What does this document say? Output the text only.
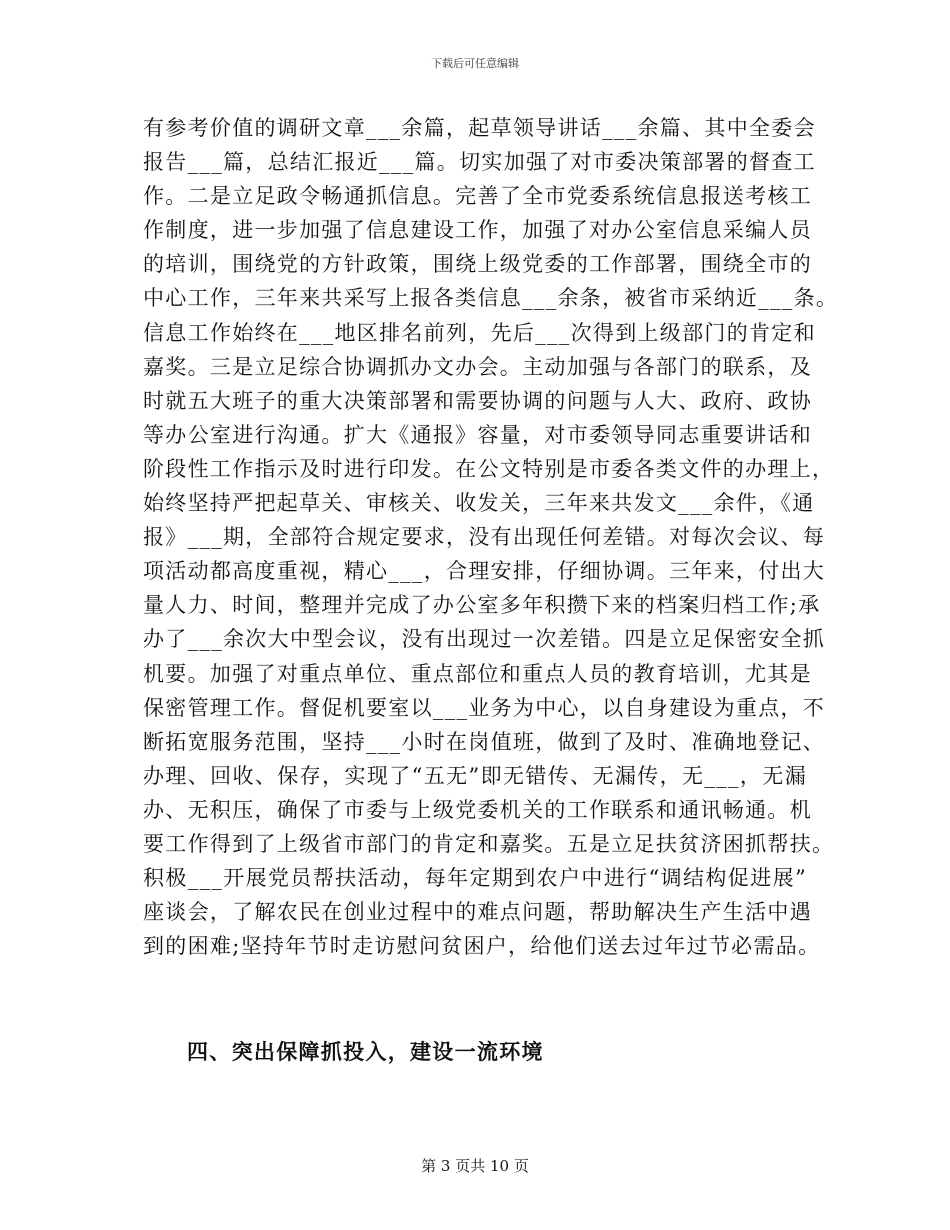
下载后可任意编辑
有参考价值的调研文章___余篇，起草领导讲话___余篇、其中全委会
报告___篇，总结汇报近___篇。切实加强了对市委决策部署的督查工
作。二是立足政令畅通抓信息。完善了全市党委系统信息报送考核工
作制度，进一步加强了信息建设工作，加强了对办公室信息采编人员
的培训，围绕党的方针政策，围绕上级党委的工作部署，围绕全市的
中心工作，三年来共采写上报各类信息___余条，被省市采纳近___条。
信息工作始终在___地区排名前列，先后___次得到上级部门的肯定和
嘉奖。三是立足综合协调抓办文办会。主动加强与各部门的联系，及
时就五大班子的重大决策部署和需要协调的问题与人大、政府、政协
等办公室进行沟通。扩大《通报》容量，对市委领导同志重要讲话和
阶段性工作指示及时进行印发。在公文特别是市委各类文件的办理上，
始终坚持严把起草关、审核关、收发关，三年来共发文___余件，《通
报》___期，全部符合规定要求，没有出现任何差错。对每次会议、每
项活动都高度重视，精心___，合理安排，仔细协调。三年来，付出大
量人力、时间，整理并完成了办公室多年积攒下来的档案归档工作;承
办了___余次大中型会议，没有出现过一次差错。四是立足保密安全抓
机要。加强了对重点单位、重点部位和重点人员的教育培训，尤其是
保密管理工作。督促机要室以___业务为中心，以自身建设为重点，不
断拓宽服务范围，坚持___小时在岗值班，做到了及时、准确地登记、
办理、回收、保存，实现了“五无”即无错传、无漏传，无___，无漏
办、无积压，确保了市委与上级党委机关的工作联系和通讯畅通。机
要工作得到了上级省市部门的肯定和嘉奖。五是立足扶贫济困抓帮扶。
积极___开展党员帮扶活动，每年定期到农户中进行“调结构促进展”
座谈会，了解农民在创业过程中的难点问题，帮助解决生产生活中遇
到的困难;坚持年节时走访慰问贫困户，给他们送去过年过节必需品。
四、突出保障抓投入，建设一流环境
第 3 页共 10 页
